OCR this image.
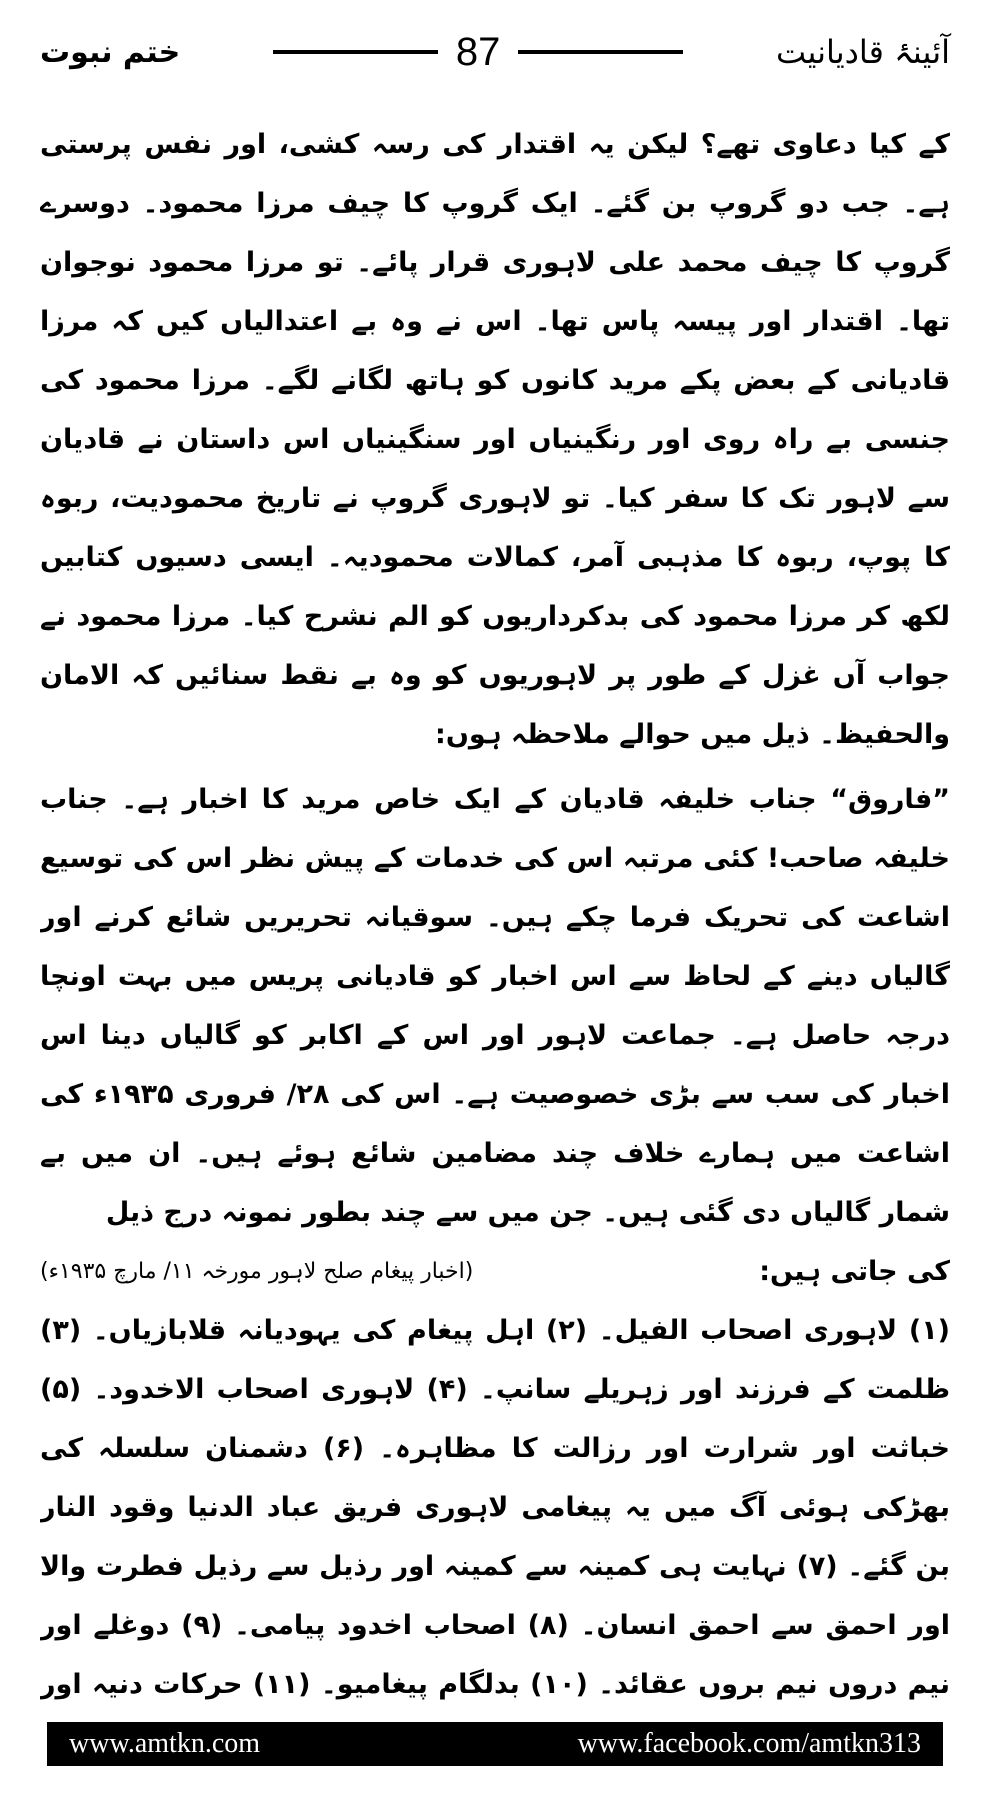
ختم نبوت	87	آئینۂ قادیانیت

کے کیا دعاوی تھے؟ لیکن یہ اقتدار کی رسہ کشی، اور نفس پرستی ہے۔ جب دو گروپ بن گئے۔ ایک گروپ کا چیف مرزا محمود۔ دوسرے گروپ کا چیف محمد علی لاہوری قرار پائے۔ تو مرزا محمود نوجوان تھا۔ اقتدار اور پیسہ پاس تھا۔ اس نے وہ بے اعتدالیاں کیں کہ مرزا قادیانی کے بعض پکے مرید کانوں کو ہاتھ لگانے لگے۔ مرزا محمود کی جنسی بے راہ روی اور رنگینیاں اور سنگینیاں اس داستان نے قادیان سے لاہور تک کا سفر کیا۔ تو لاہوری گروپ نے تاریخ محمودیت، ربوہ کا پوپ، ربوہ کا مذہبی آمر، کمالات محمودیہ۔ ایسی دسیوں کتابیں لکھ کر مرزا محمود کی بدکرداریوں کو الم نشرح کیا۔ مرزا محمود نے جواب آں غزل کے طور پر لاہوریوں کو وہ بے نقط سنائیں کہ الامان والحفیظ۔ ذیل میں حوالے ملاحظہ ہوں:

”فاروق“ جناب خلیفہ قادیان کے ایک خاص مرید کا اخبار ہے۔ جناب خلیفہ صاحب! کئی مرتبہ اس کی خدمات کے پیش نظر اس کی توسیع اشاعت کی تحریک فرما چکے ہیں۔ سوقیانہ تحریریں شائع کرنے اور گالیاں دینے کے لحاظ سے اس اخبار کو قادیانی پریس میں بہت اونچا درجہ حاصل ہے۔ جماعت لاہور اور اس کے اکابر کو گالیاں دینا اس اخبار کی سب سے بڑی خصوصیت ہے۔ اس کی ۲۸/ فروری ۱۹۳۵ء کی اشاعت میں ہمارے خلاف چند مضامین شائع ہوئے ہیں۔ ان میں بے شمار گالیاں دی گئی ہیں۔ جن میں سے چند بطور نمونہ درج ذیل

کی جاتی ہیں:
(اخبار پیغام صلح لاہور مورخہ ۱۱/ مارچ ۱۹۳۵ء)

(۱) لاہوری اصحاب الفیل۔ (۲) اہل پیغام کی یہودیانہ قلابازیاں۔ (۳) ظلمت کے فرزند اور زہریلے سانپ۔ (۴) لاہوری اصحاب الاخدود۔ (۵) خباثت اور شرارت اور رزالت کا مظاہرہ۔ (۶) دشمنان سلسلہ کی بھڑکی ہوئی آگ میں یہ پیغامی لاہوری فریق عباد الدنیا وقود النار بن گئے۔ (۷) نہایت ہی کمینہ سے کمینہ اور رذیل سے رذیل فطرت والا اور احمق سے احمق انسان۔ (۸) اصحاب اخدود پیامی۔ (۹) دوغلے اور نیم دروں نیم بروں عقائد۔ (۱۰) بدلگام پیغامیو۔ (۱۱) حرکات دنیہ اور

www.amtkn.com	www.facebook.com/amtkn313
